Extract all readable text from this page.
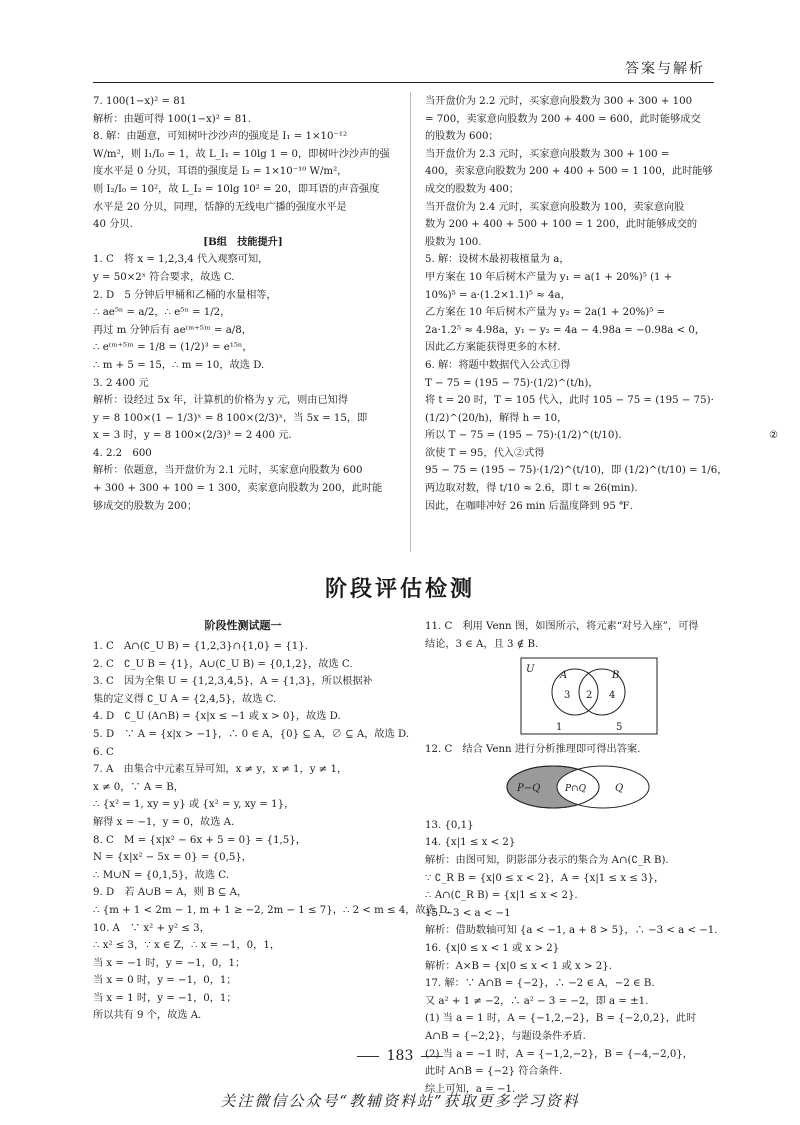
答案与解析
7. 100(1−x)² = 81
解析：由题可得 100(1−x)² = 81.
8. 解：由题意，可知树叶沙沙声的强度是 I₁ = 1×10⁻¹²
W/m²，则 I₁/I₀ = 1，故 L_I₁ = 10lg 1 = 0，即树叶沙沙声的强
度水平是 0 分贝，耳语的强度是 I₂ = 1×10⁻¹⁰ W/m²，
则 I₂/I₀ = 10²，故 L_I₂ = 10lg 10² = 20，即耳语的声音强度
水平是 20 分贝，同理，恬静的无线电广播的强度水平是
40 分贝.
[B组　技能提升]
1. C　将 x = 1,2,3,4 代入观察可知，
y = 50×2ˣ 符合要求，故选 C.
2. D　5 分钟后甲桶和乙桶的水量相等，
∴ ae⁵ⁿ = a/2，∴ e⁵ⁿ = 1/2，
再过 m 分钟后有 ae⁽ᵐ⁺⁵⁾ⁿ = a/8，
∴ e⁽ᵐ⁺⁵⁾ⁿ = 1/8 = (1/2)³ = e¹⁵ⁿ，
∴ m + 5 = 15，∴ m = 10，故选 D.
3. 2 400 元
解析：设经过 5x 年，计算机的价格为 y 元，则由已知得
y = 8 100×(1 − 1/3)ˣ = 8 100×(2/3)ˣ，当 5x = 15，即
x = 3 时，y = 8 100×(2/3)³ = 2 400 元.
4. 2.2　600
解析：依题意，当开盘价为 2.1 元时，买家意向股数为 600
+ 300 + 300 + 100 = 1 300，卖家意向股数为 200，此时能
够成交的股数为 200；
当开盘价为 2.2 元时，买家意向股数为 300 + 300 + 100
= 700，卖家意向股数为 200 + 400 = 600，此时能够成交
的股数为 600；
当开盘价为 2.3 元时，买家意向股数为 300 + 100 =
400，卖家意向股数为 200 + 400 + 500 = 1 100，此时能够
成交的股数为 400；
当开盘价为 2.4 元时，买家意向股数为 100，卖家意向股
数为 200 + 400 + 500 + 100 = 1 200，此时能够成交的
股数为 100.
5. 解：设树木最初栽植量为 a，
甲方案在 10 年后树木产量为 y₁ = a(1 + 20%)⁵ (1 +
10%)⁵ = a·(1.2×1.1)⁵ ≈ 4a，
乙方案在 10 年后树木产量为 y₂ = 2a(1 + 20%)⁵ =
2a·1.2⁵ ≈ 4.98a，y₁ − y₂ = 4a − 4.98a = −0.98a < 0，
因此乙方案能获得更多的木材.
6. 解：将题中数据代入公式①得
T − 75 = (195 − 75)·(1/2)^(t/h)，
将 t = 20 时，T = 105 代入，此时 105 − 75 = (195 − 75)·
(1/2)^(20/h)，解得 h = 10，
所以 T − 75 = (195 − 75)·(1/2)^(t/10).
欲使 T = 95，代入②式得
95 − 75 = (195 − 75)·(1/2)^(t/10)，即 (1/2)^(t/10) = 1/6，
两边取对数，得 t/10 ≈ 2.6，即 t ≈ 26(min).
因此，在咖啡冲好 26 min 后温度降到 95 ℉.
②
阶段评估检测
阶段性测试题一
1. C　A∩(∁_U B) = {1,2,3}∩{1,0} = {1}.
2. C　∁_U B = {1}，A∪(∁_U B) = {0,1,2}，故选 C.
3. C　因为全集 U = {1,2,3,4,5}，A = {1,3}，所以根据补
集的定义得 ∁_U A = {2,4,5}，故选 C.
4. D　∁_U (A∩B) = {x|x ≤ −1 或 x > 0}，故选 D.
5. D　∵ A = {x|x > −1}，∴ 0 ∈ A，{0} ⊆ A，∅ ⊆ A，故选 D.
6. C
7. A　由集合中元素互异可知，x ≠ y，x ≠ 1，y ≠ 1，
x ≠ 0，∵ A = B，
∴ {x² = 1, xy = y} 或 {x² = y, xy = 1}，
解得 x = −1，y = 0，故选 A.
8. C　M = {x|x² − 6x + 5 = 0} = {1,5}，
N = {x|x² − 5x = 0} = {0,5}，
∴ M∪N = {0,1,5}，故选 C.
9. D　若 A∪B = A，则 B ⊆ A，
∴ {m + 1 < 2m − 1, m + 1 ≥ −2, 2m − 1 ≤ 7}，∴ 2 < m ≤ 4，故选 D.
10. A　∵ x² + y² ≤ 3，
∴ x² ≤ 3，∵ x ∈ Z，∴ x = −1，0，1，
当 x = −1 时，y = −1，0，1；
当 x = 0 时，y = −1，0，1；
当 x = 1 时，y = −1，0，1；
所以共有 9 个，故选 A.
11. C　利用 Venn 图，如图所示，将元素“对号入座”，可得
结论，3 ∈ A，且 3 ∉ B.
U
A	B
3 2 4
1	5
12. C　结合 Venn 进行分析推理即可得出答案.
P−Q	P∩Q	Q
13. {0,1}
14. {x|1 ≤ x < 2}
解析：由图可知，阴影部分表示的集合为 A∩(∁_R B).
∵ ∁_R B = {x|0 ≤ x < 2}，A = {x|1 ≤ x ≤ 3}，
∴ A∩(∁_R B) = {x|1 ≤ x < 2}.
15. −3 < a < −1
解析：借助数轴可知 {a < −1, a + 8 > 5}，∴ −3 < a < −1.
16. {x|0 ≤ x < 1 或 x > 2}
解析：A×B = {x|0 ≤ x < 1 或 x > 2}.
17. 解：∵ A∩B = {−2}，∴ −2 ∈ A，−2 ∈ B.
又 a² + 1 ≠ −2，∴ a² − 3 = −2，即 a = ±1.
(1) 当 a = 1 时，A = {−1,2,−2}，B = {−2,0,2}，此时
A∩B = {−2,2}，与题设条件矛盾.
(2) 当 a = −1 时，A = {−1,2,−2}，B = {−4,−2,0}，
此时 A∩B = {−2} 符合条件.
综上可知，a = −1.
183
关注微信公众号“教辅资料站”获取更多学习资料
